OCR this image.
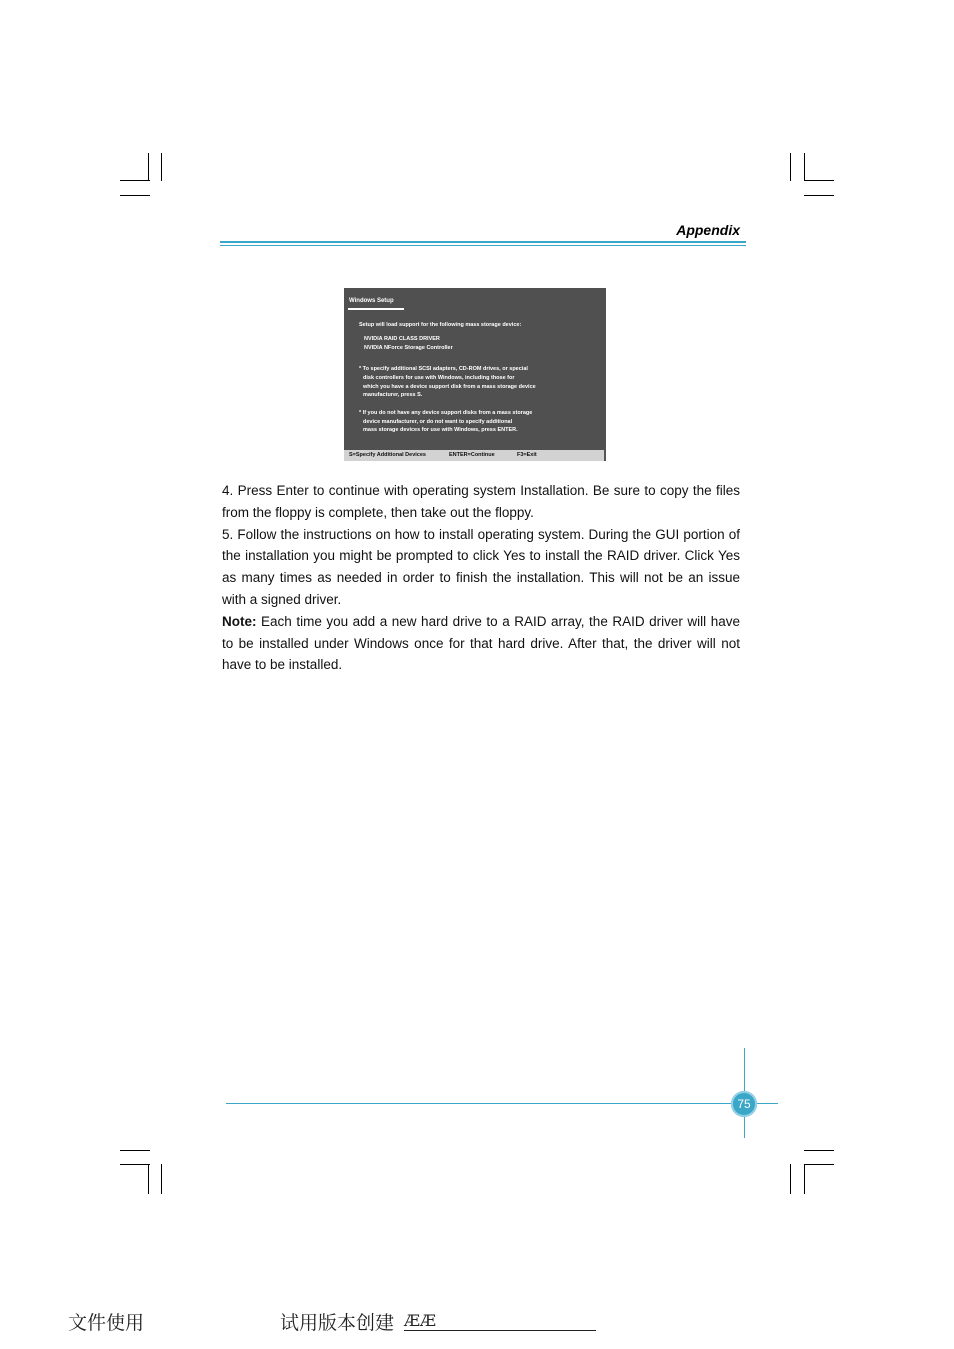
Appendix
Windows Setup
Setup will load support for the following mass storage device:
NVIDIA RAID CLASS DRIVER
NVIDIA NForce Storage Controller
* To specify additional SCSI adapters, CD-ROM drives, or special
disk controllers for use with Windows, including those for
which you have a device support disk from a mass storage device
manufacturer, press S.
* If you do not have any device support disks from a mass storage
device manufacturer, or do not want to specify additional
mass storage devices for use with Windows, press ENTER.
S=Specify Additional Devices	ENTER=Continue	F3=Exit

4. Press Enter to continue with operating system Installation. Be sure to copy the files from the floppy is complete, then take out the floppy.

5. Follow the instructions on how to install operating system. During the GUI portion of the installation you might be prompted to click Yes to install the RAID driver. Click Yes as many times as needed in order to finish the installation. This will not be an issue with a signed driver.

Note: Each time you add a new hard drive to a RAID array, the RAID driver will have to be installed under Windows once for that hard drive. After that, the driver will not have to be installed.

75
文件使用	试用版本创建 ÆÆ
